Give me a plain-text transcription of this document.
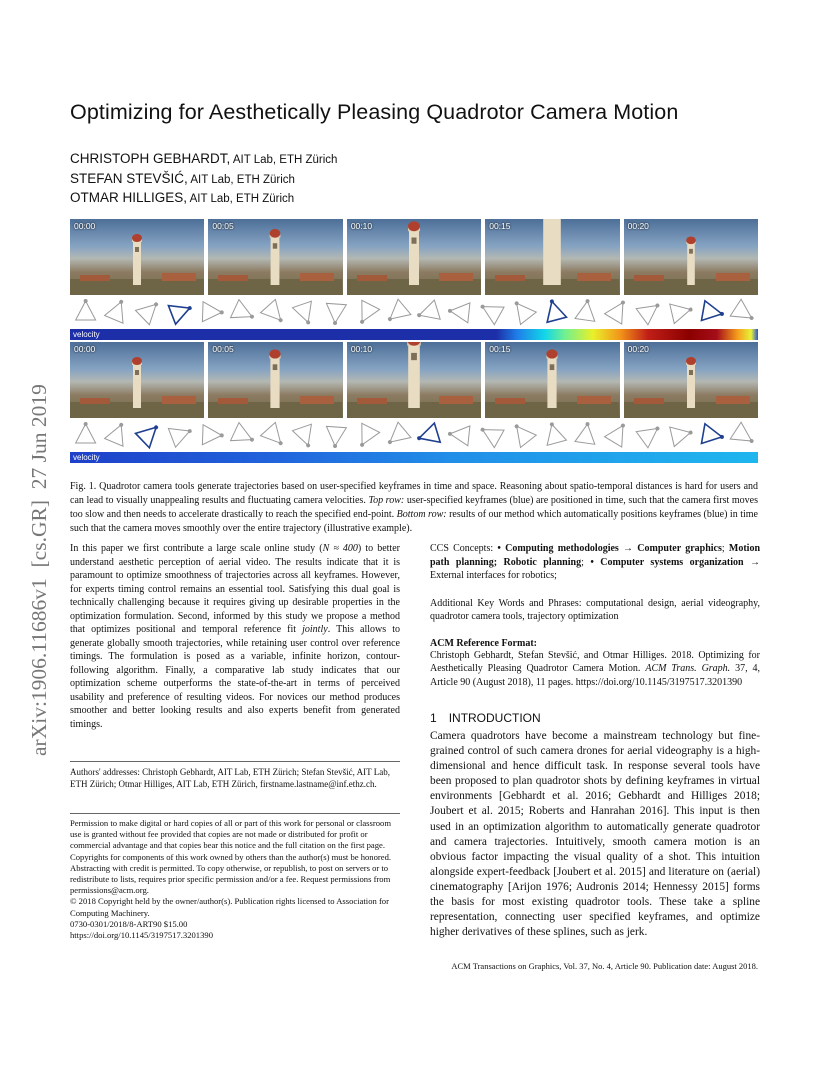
arXiv:1906.11686v1  [cs.GR]  27 Jun 2019
Optimizing for Aesthetically Pleasing Quadrotor Camera Motion
CHRISTOPH GEBHARDT, AIT Lab, ETH Zürich
STEFAN STEVŠIĆ, AIT Lab, ETH Zürich
OTMAR HILLIGES, AIT Lab, ETH Zürich
00:00	00:05	00:10	00:15	00:20
velocity
00:00	00:05	00:10	00:15	00:20
velocity

Fig. 1. Quadrotor camera tools generate trajectories based on user-specified keyframes in time and space. Reasoning about spatio-temporal distances is hard for users and can lead to visually unappealing results and fluctuating camera velocities. Top row: user-specified keyframes (blue) are positioned in time, such that the camera first moves too slow and then needs to accelerate drastically to reach the specified end-point. Bottom row: results of our method which automatically positions keyframes (blue) in time such that the camera moves smoothly over the entire trajectory (illustrative example).

In this paper we first contribute a large scale online study (N ≈ 400) to better understand aesthetic perception of aerial video. The results indicate that it is paramount to optimize smoothness of trajectories across all keyframes. However, for experts timing control remains an essential tool. Satisfying this dual goal is technically challenging because it requires giving up desirable properties in the optimization formulation. Second, informed by this study we propose a method that optimizes positional and temporal reference fit jointly. This allows to generate globally smooth trajectories, while retaining user control over reference timings. The formulation is posed as a variable, infinite horizon, contour-following algorithm. Finally, a comparative lab study indicates that our optimization scheme outperforms the state-of-the-art in terms of perceived usability and preference of resulting videos. For novices our method produces smoother and better looking results and also experts benefit from generated timings.

Authors' addresses: Christoph Gebhardt, AIT Lab, ETH Zürich; Stefan Stevšić, AIT Lab, ETH Zürich; Otmar Hilliges, AIT Lab, ETH Zürich, firstname.lastname@inf.ethz.ch.

Permission to make digital or hard copies of all or part of this work for personal or classroom use is granted without fee provided that copies are not made or distributed for profit or commercial advantage and that copies bear this notice and the full citation on the first page. Copyrights for components of this work owned by others than the author(s) must be honored. Abstracting with credit is permitted. To copy otherwise, or republish, to post on servers or to redistribute to lists, requires prior specific permission and/or a fee. Request permissions from permissions@acm.org.
© 2018 Copyright held by the owner/author(s). Publication rights licensed to Association for Computing Machinery.
0730-0301/2018/8-ART90 $15.00
https://doi.org/10.1145/3197517.3201390

CCS Concepts: • Computing methodologies → Computer graphics; Motion path planning; Robotic planning; • Computer systems organization → External interfaces for robotics;

Additional Key Words and Phrases: computational design, aerial videography, quadrotor camera tools, trajectory optimization

ACM Reference Format:

Christoph Gebhardt, Stefan Stevšić, and Otmar Hilliges. 2018. Optimizing for Aesthetically Pleasing Quadrotor Camera Motion. ACM Trans. Graph. 37, 4, Article 90 (August 2018), 11 pages. https://doi.org/10.1145/3197517.3201390

1 INTRODUCTION

Camera quadrotors have become a mainstream technology but fine-grained control of such camera drones for aerial videography is a high-dimensional and hence difficult task. In response several tools have been proposed to plan quadrotor shots by defining keyframes in virtual environments [Gebhardt et al. 2016; Gebhardt and Hilliges 2018; Joubert et al. 2015; Roberts and Hanrahan 2016]. This input is then used in an optimization algorithm to automatically generate quadrotor and camera trajectories. Intuitively, smooth camera motion is an obvious factor impacting the visual quality of a shot. This intuition alongside expert-feedback [Joubert et al. 2015] and literature on (aerial) cinematography [Arijon 1976; Audronis 2014; Hennessy 2015] forms the basis for most existing quadrotor tools. These take a spline representation, connecting user specified keyframes, and optimize higher derivatives of these splines, such as jerk.

ACM Transactions on Graphics, Vol. 37, No. 4, Article 90. Publication date: August 2018.
